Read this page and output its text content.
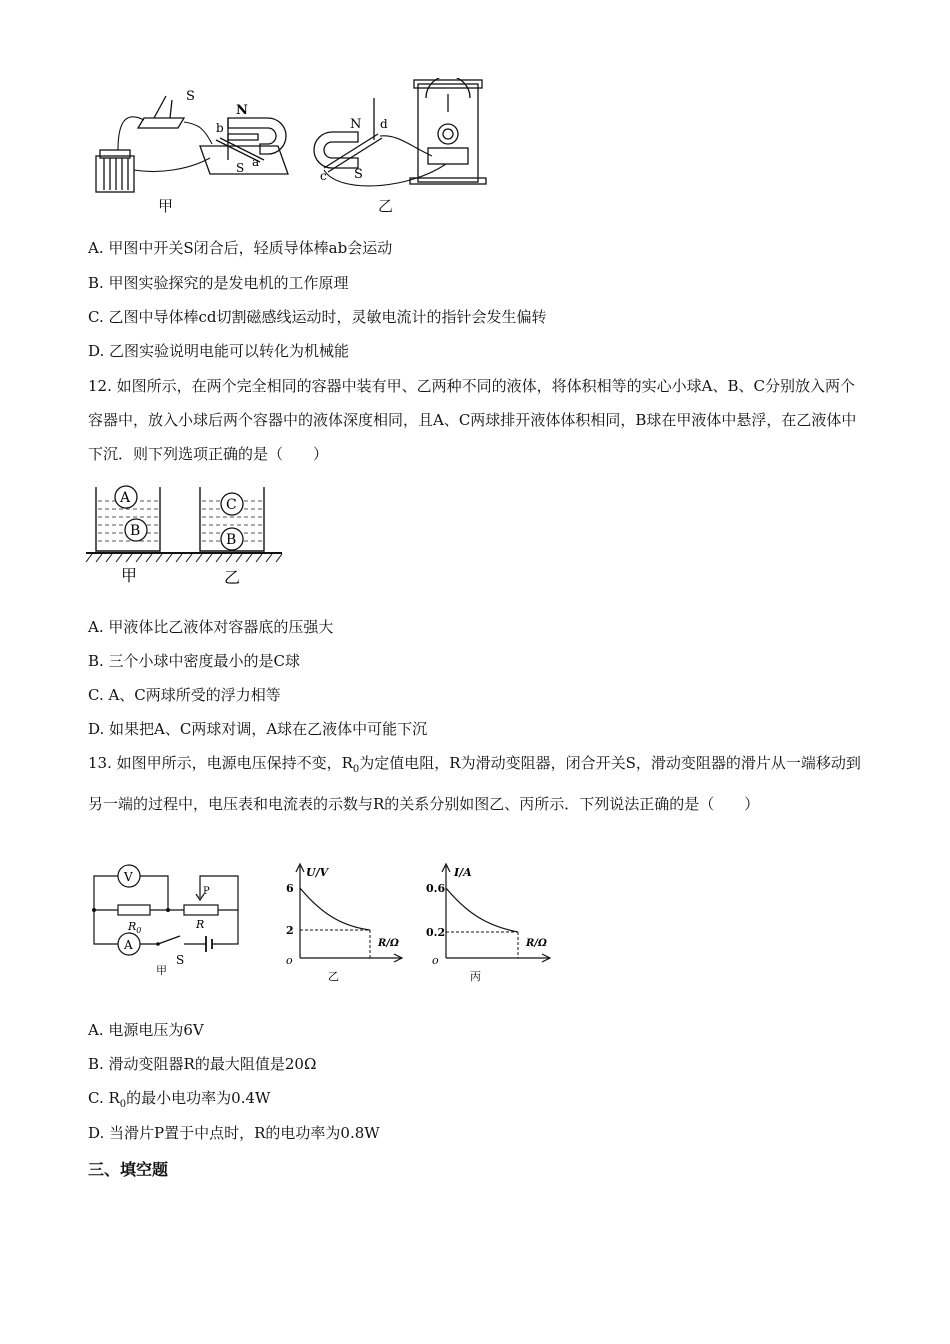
S
N
b
S a
N
S
c
d
甲	乙
A. 甲图中开关S闭合后，轻质导体棒ab会运动
B. 甲图实验探究的是发电机的工作原理
C. 乙图中导体棒cd切割磁感线运动时，灵敏电流计的指针会发生偏转
D. 乙图实验说明电能可以转化为机械能
12. 如图所示，在两个完全相同的容器中装有甲、乙两种不同的液体，将体积相等的实心小球A、B、C分别放入两个容器中，放入小球后两个容器中的液体深度相同，且A、C两球排开液体体积相同，B球在甲液体中悬浮，在乙液体中下沉．则下列选项正确的是（　　）
A
B
C
B
甲	乙
A. 甲液体比乙液体对容器底的压强大
B. 三个小球中密度最小的是C球
C. A、C两球所受的浮力相等
D. 如果把A、C两球对调，A球在乙液体中可能下沉
13. 如图甲所示，电源电压保持不变，$R_0$为定值电阻，R为滑动变阻器，闭合开关S，滑动变阻器的滑片从一端移动到另一端的过程中，电压表和电流表的示数与R的关系分别如图乙、丙所示．下列说法正确的是（　　）
V
A
P
$R_0$	R
S
甲
U/V
6
2
o
R/Ω
乙
I/A
0.6
0.2
o
R/Ω
丙
A. 电源电压为6V
B. 滑动变阻器R的最大阻值是20Ω
C. $R_0$的最小电功率为0.4W
D. 当滑片P置于中点时，R的电功率为0.8W
三、填空题
